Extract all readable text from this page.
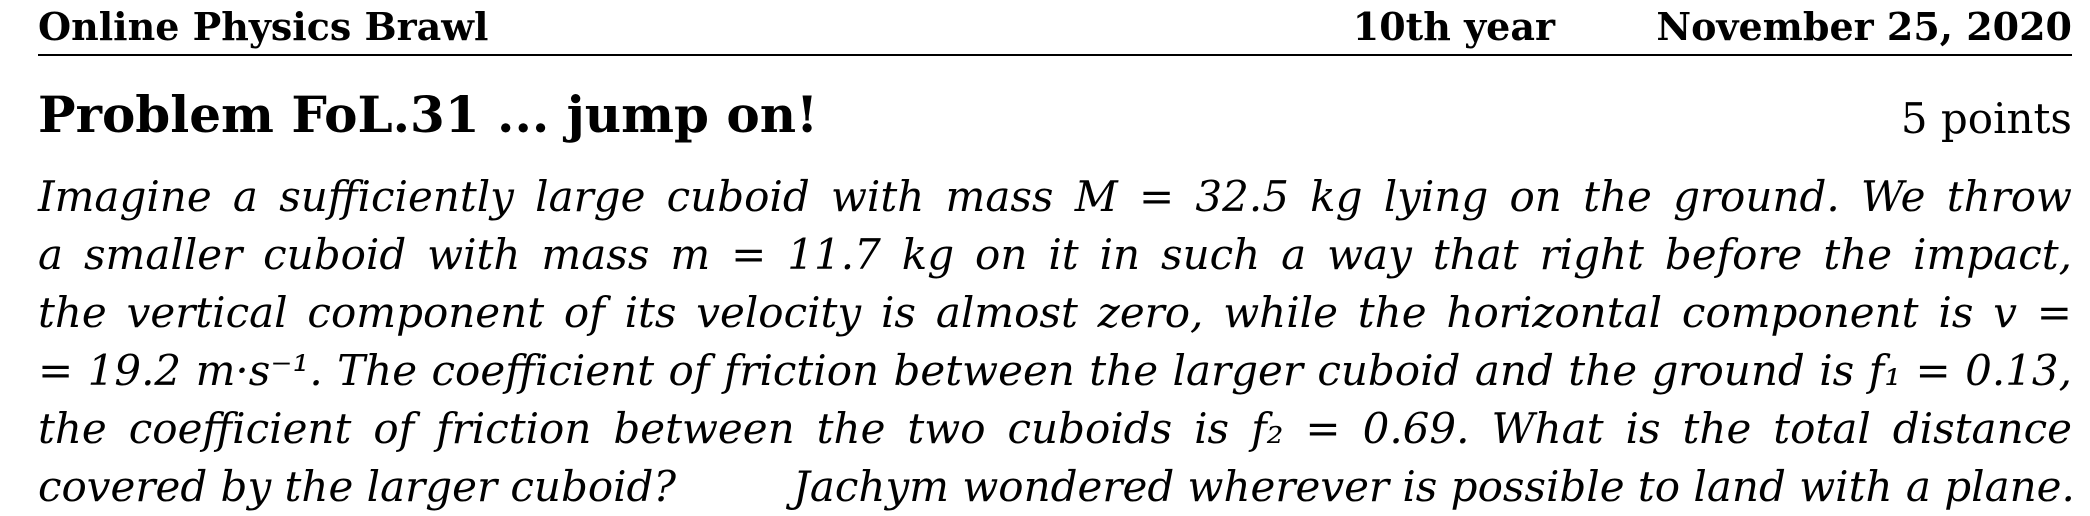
Online Physics Brawl	10th year	November 25, 2020
Problem FoL.31 ... jump on!	5 points
Imagine a sufficiently large cuboid with mass M = 32.5 kg lying on the ground. We throw
a smaller cuboid with mass m = 11.7 kg on it in such a way that right before the impact,
the vertical component of its velocity is almost zero, while the horizontal component is v =
= 19.2 m·s⁻¹. The coefficient of friction between the larger cuboid and the ground is f₁ = 0.13,
the coefficient of friction between the two cuboids is f₂ = 0.69. What is the total distance
covered by the larger cuboid?	Jachym wondered wherever is possible to land with a plane.
